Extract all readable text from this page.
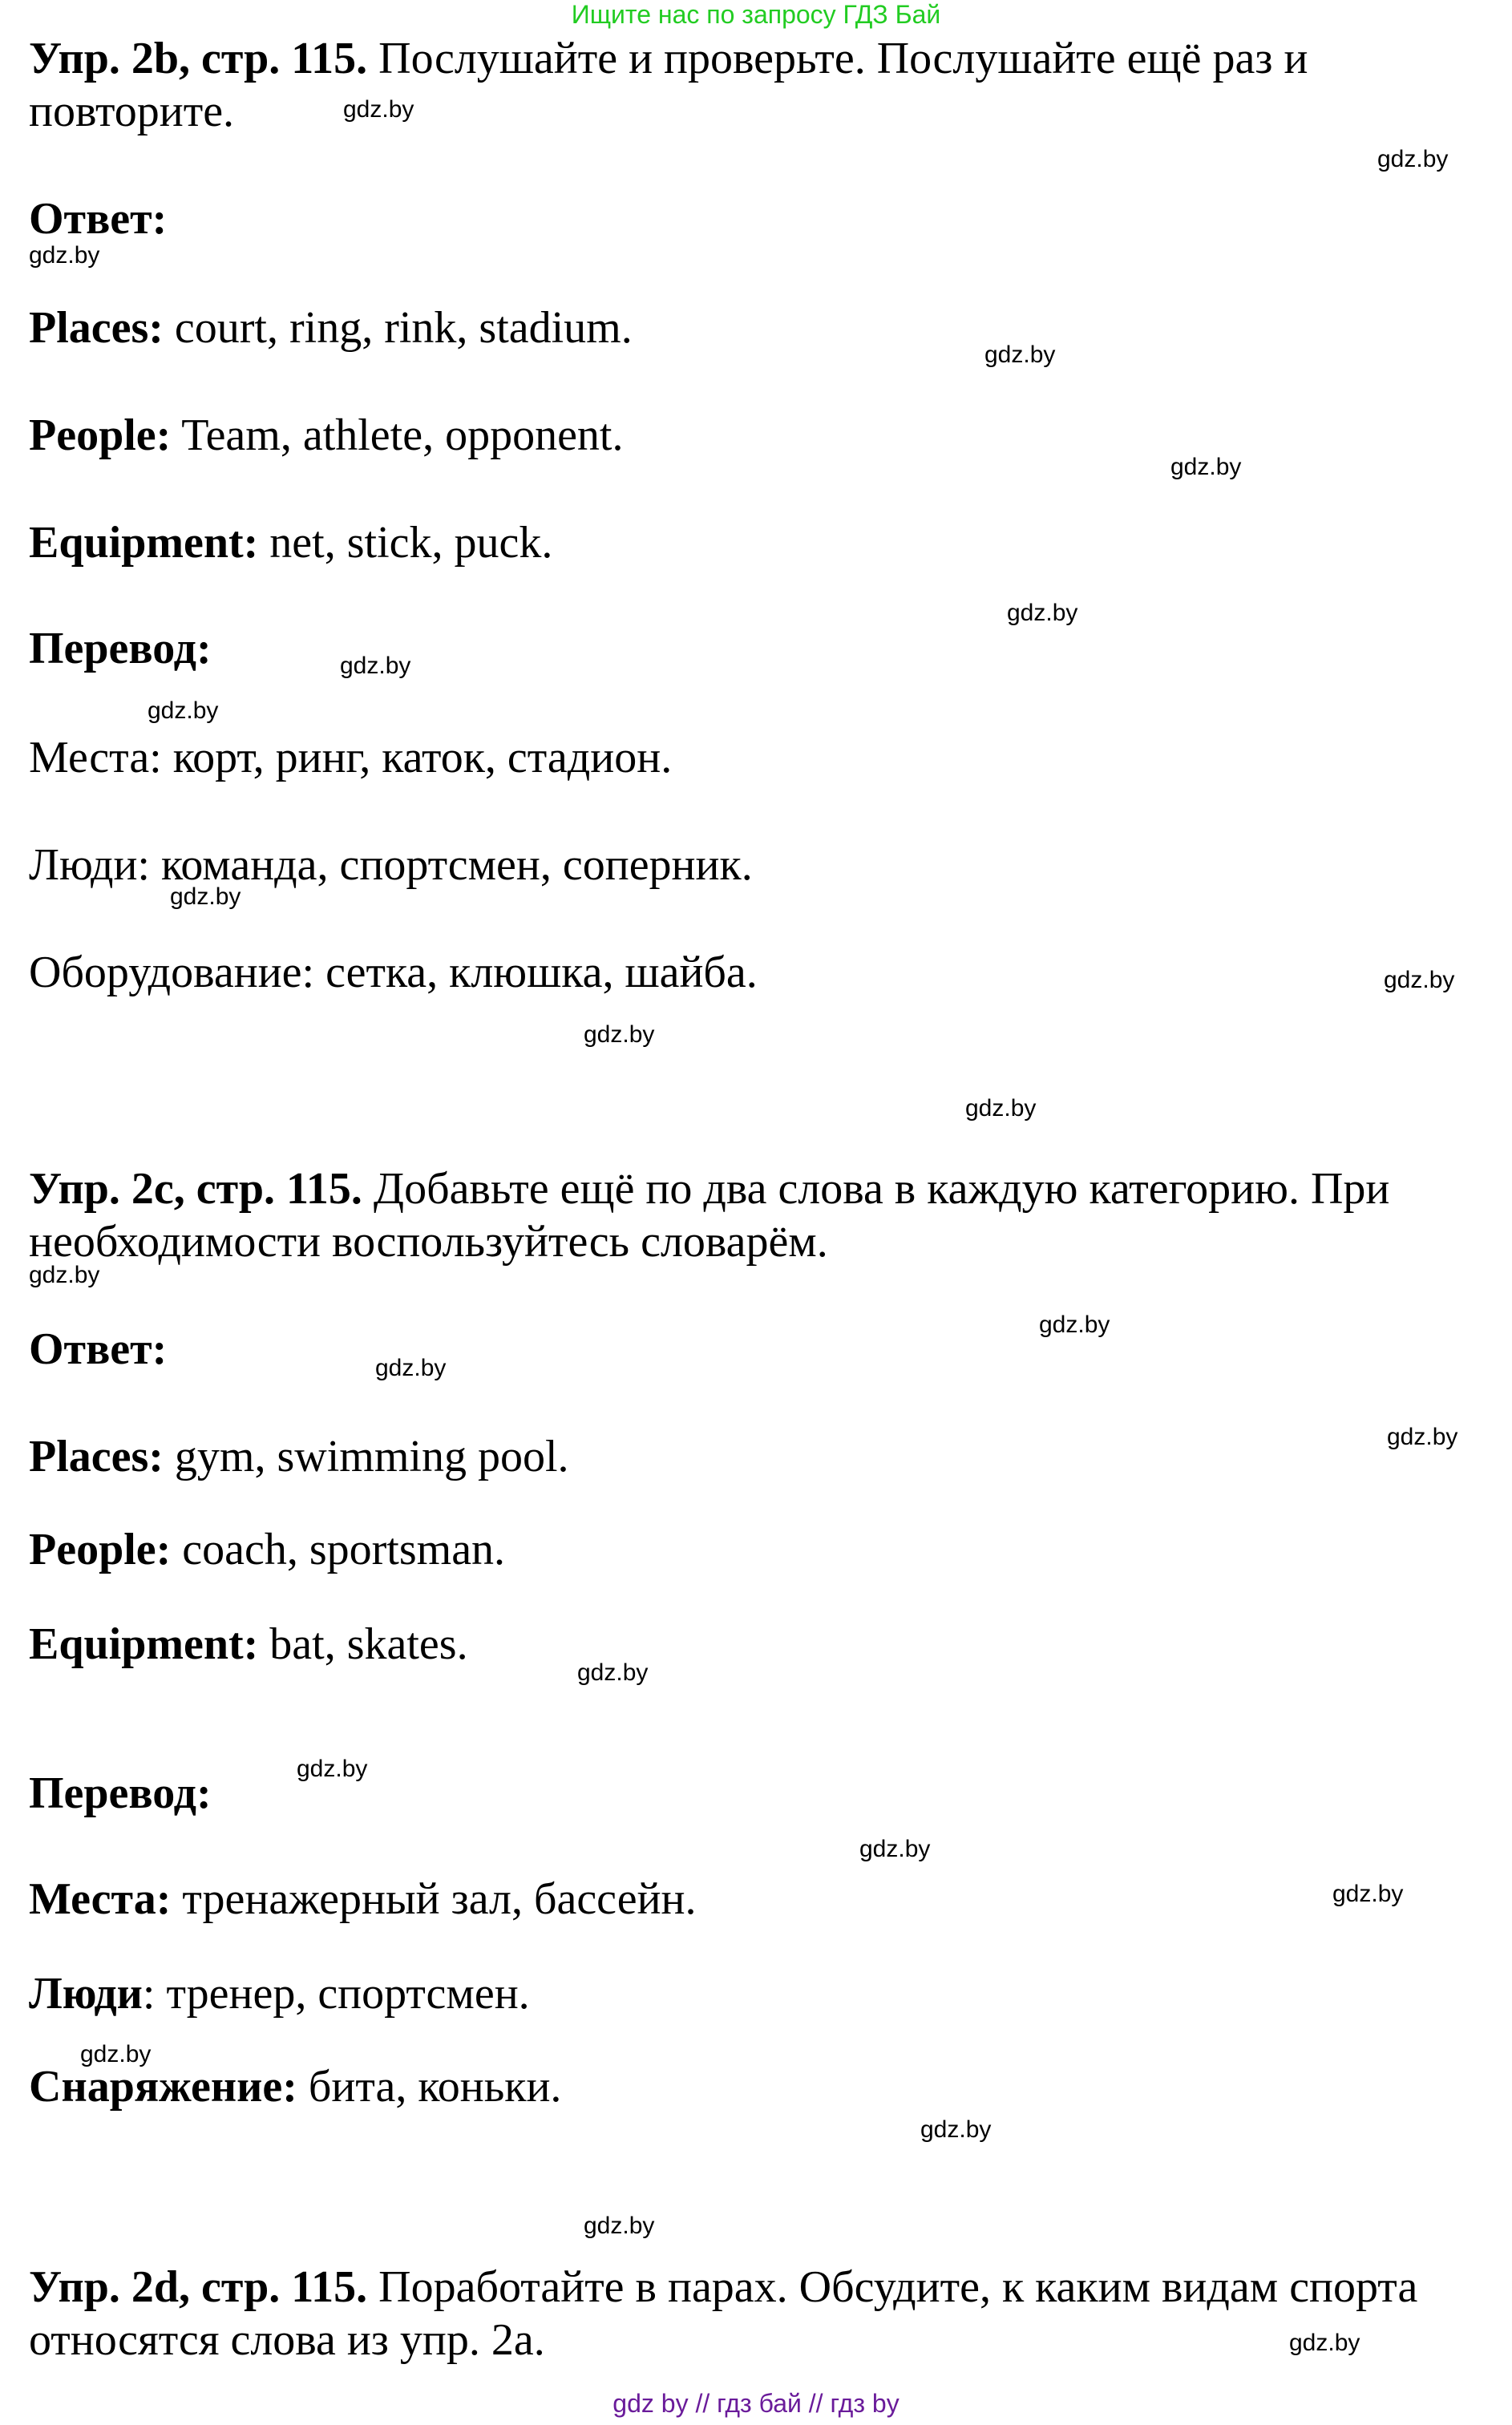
Ищите нас по запросу ГДЗ Бай
Упр. 2b, стр. 115. Послушайте и проверьте. Послушайте ещё раз и
повторите.
Ответ:
Places: court, ring, rink, stadium.
People: Team, athlete, opponent.
Equipment: net, stick, puck.
Перевод:
Места: корт, ринг, каток, стадион.
Люди: команда, спортсмен, соперник.
Оборудование: сетка, клюшка, шайба.
Упр. 2с, стр. 115. Добавьте ещё по два слова в каждую категорию. При
необходимости воспользуйтесь словарём.
Ответ:
Places: gym, swimming pool.
People: coach, sportsman.
Equipment: bat, skates.
Перевод:
Места: тренажерный зал, бассейн.
Люди: тренер, спортсмен.
Снаряжение: бита, коньки.
Упр. 2d, стр. 115. Поработайте в парах. Обсудите, к каким видам спорта
относятся слова из упр. 2a.
gdz.by
gdz.by
gdz.by
gdz.by
gdz.by
gdz.by
gdz.by
gdz.by
gdz.by
gdz.by
gdz.by
gdz.by
gdz.by
gdz.by
gdz.by
gdz.by
gdz.by
gdz.by
gdz.by
gdz.by
gdz.by
gdz.by
gdz.by
gdz.by
gdz by // гдз бай // гдз by
